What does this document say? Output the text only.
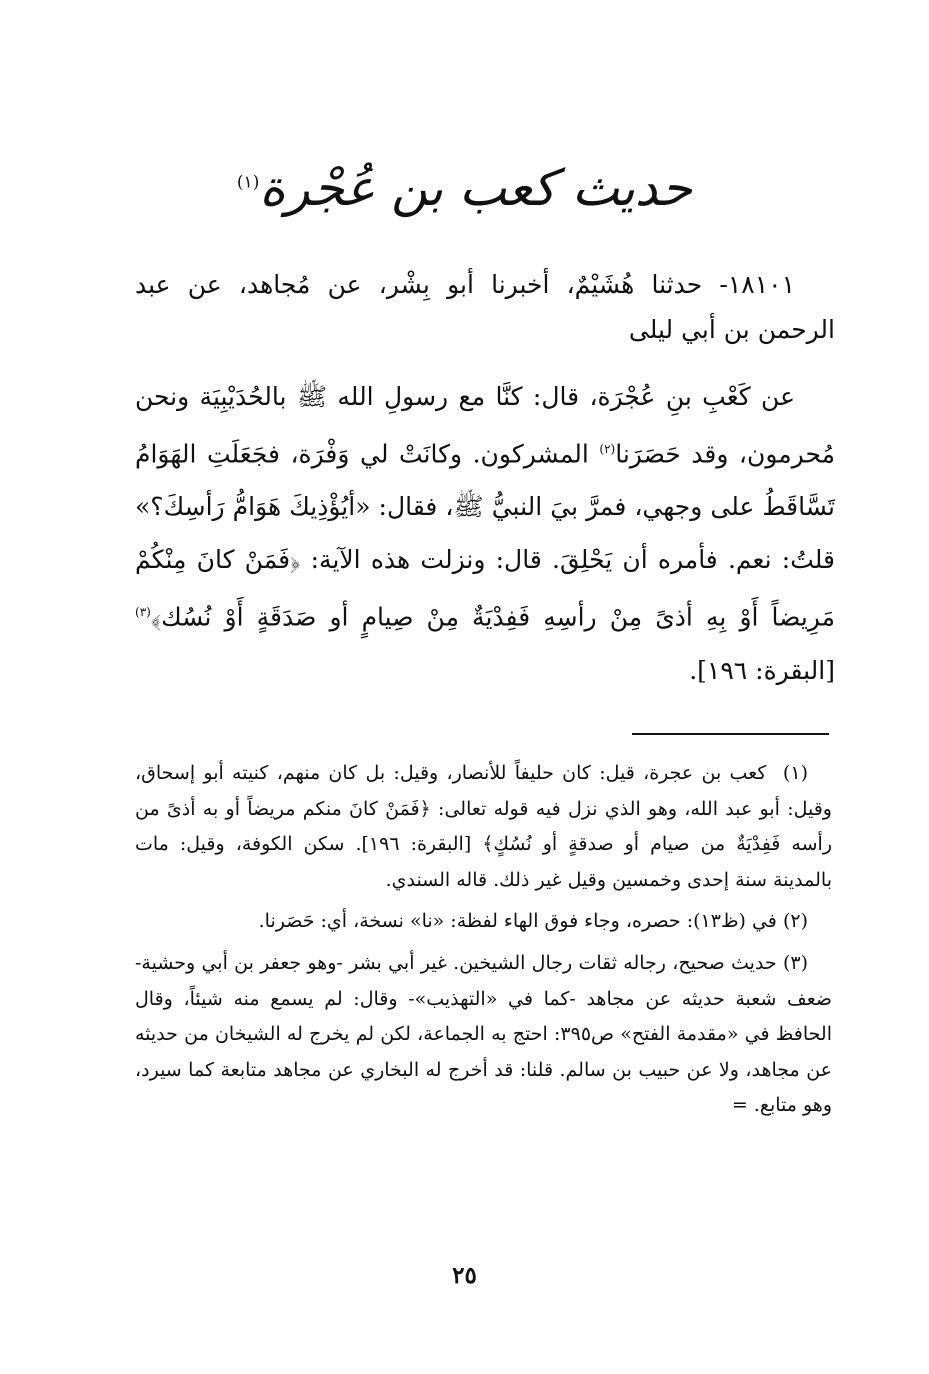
حديث كعب بن عُجْرة$^{(١)}$

١٨١٠١- حدثنا هُشَيْمٌ، أخبرنا أبو بِشْر، عن مُجاهد، عن عبد الرحمن بن أبي ليلى

عن كَعْبِ بنِ عُجْرَة، قال: كنَّا مع رسولِ الله ﷺ بالحُدَيْبِيَة ونحن مُحرمون، وقد حَصَرَنا$^{(٢)}$ المشركون. وكانَتْ لي وَفْرَة، فجَعَلَتِ الهَوَامُ تَسَّاقَطُ على وجهي، فمرَّ بيَ النبيُّ ﷺ، فقال: «أيُؤْذِيكَ هَوَامُّ رَأسِكَ؟» قلتُ: نعم. فأمره أن يَحْلِقَ. قال: ونزلت هذه الآية: ﴿فَمَنْ كانَ مِنْكُمْ مَرِيضاً أَوْ بِهِ أذىً مِنْ رأسِهِ فَفِدْيَةٌ مِنْ صِيامٍ أو صَدَقَةٍ أَوْ نُسُك﴾$^{(٣)}$ [البقرة: ١٩٦].

(١)  كعب بن عجرة، قيل: كان حليفاً للأنصار، وقيل: بل كان منهم، كنيته أبو إسحاق، وقيل: أبو عبد الله، وهو الذي نزل فيه قوله تعالى: ﴿فَمَنْ كانَ منكم مريضاً أو به أذىً من رأسه فَفِدْيَةٌ من صيام أو صدقةٍ أو نُسُكٍ﴾ [البقرة: ١٩٦]. سكن الكوفة، وقيل: مات بالمدينة سنة إحدى وخمسين وقيل غير ذلك. قاله السندي.

(٢) في (ظ١٣): حصره، وجاء فوق الهاء لفظة: «نا» نسخة، أي: حَصَرنا.

(٣) حديث صحيح، رجاله ثقات رجال الشيخين. غير أبي بشر -وهو جعفر بن أبي وحشية- ضعف شعبة حديثه عن مجاهد -كما في «التهذيب»- وقال: لم يسمع منه شيئاً، وقال الحافظ في «مقدمة الفتح» ص٣٩٥: احتج به الجماعة، لكن لم يخرج له الشيخان من حديثه عن مجاهد، ولا عن حبيب بن سالم. قلنا: قد أخرج له البخاري عن مجاهد متابعة كما سيرد، وهو متابع. =

٢٥
